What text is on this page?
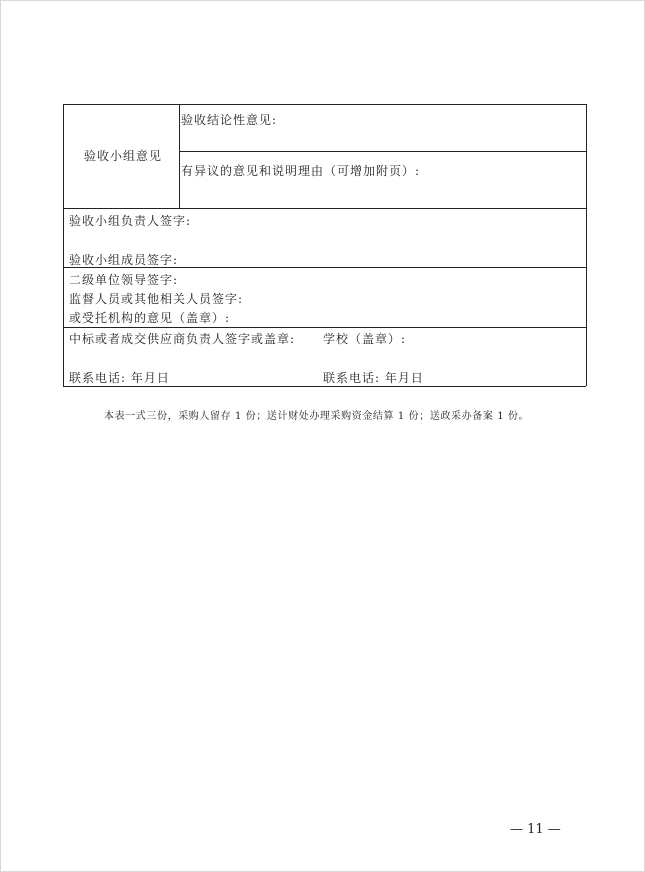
验收小组意见
验收结论性意见:
有异议的意见和说明理由（可增加附页）:
验收小组负责人签字:
验收小组成员签字:
二级单位领导签字:
监督人员或其他相关人员签字:
或受托机构的意见（盖章）:
中标或者成交供应商负责人签字或盖章: 学校（盖章）:
联系电话: 年月日	联系电话: 年月日
本表一式三份，采购人留存 1 份；送计财处办理采购资金结算 1 份；送政采办备案 1 份。
— 11 —
